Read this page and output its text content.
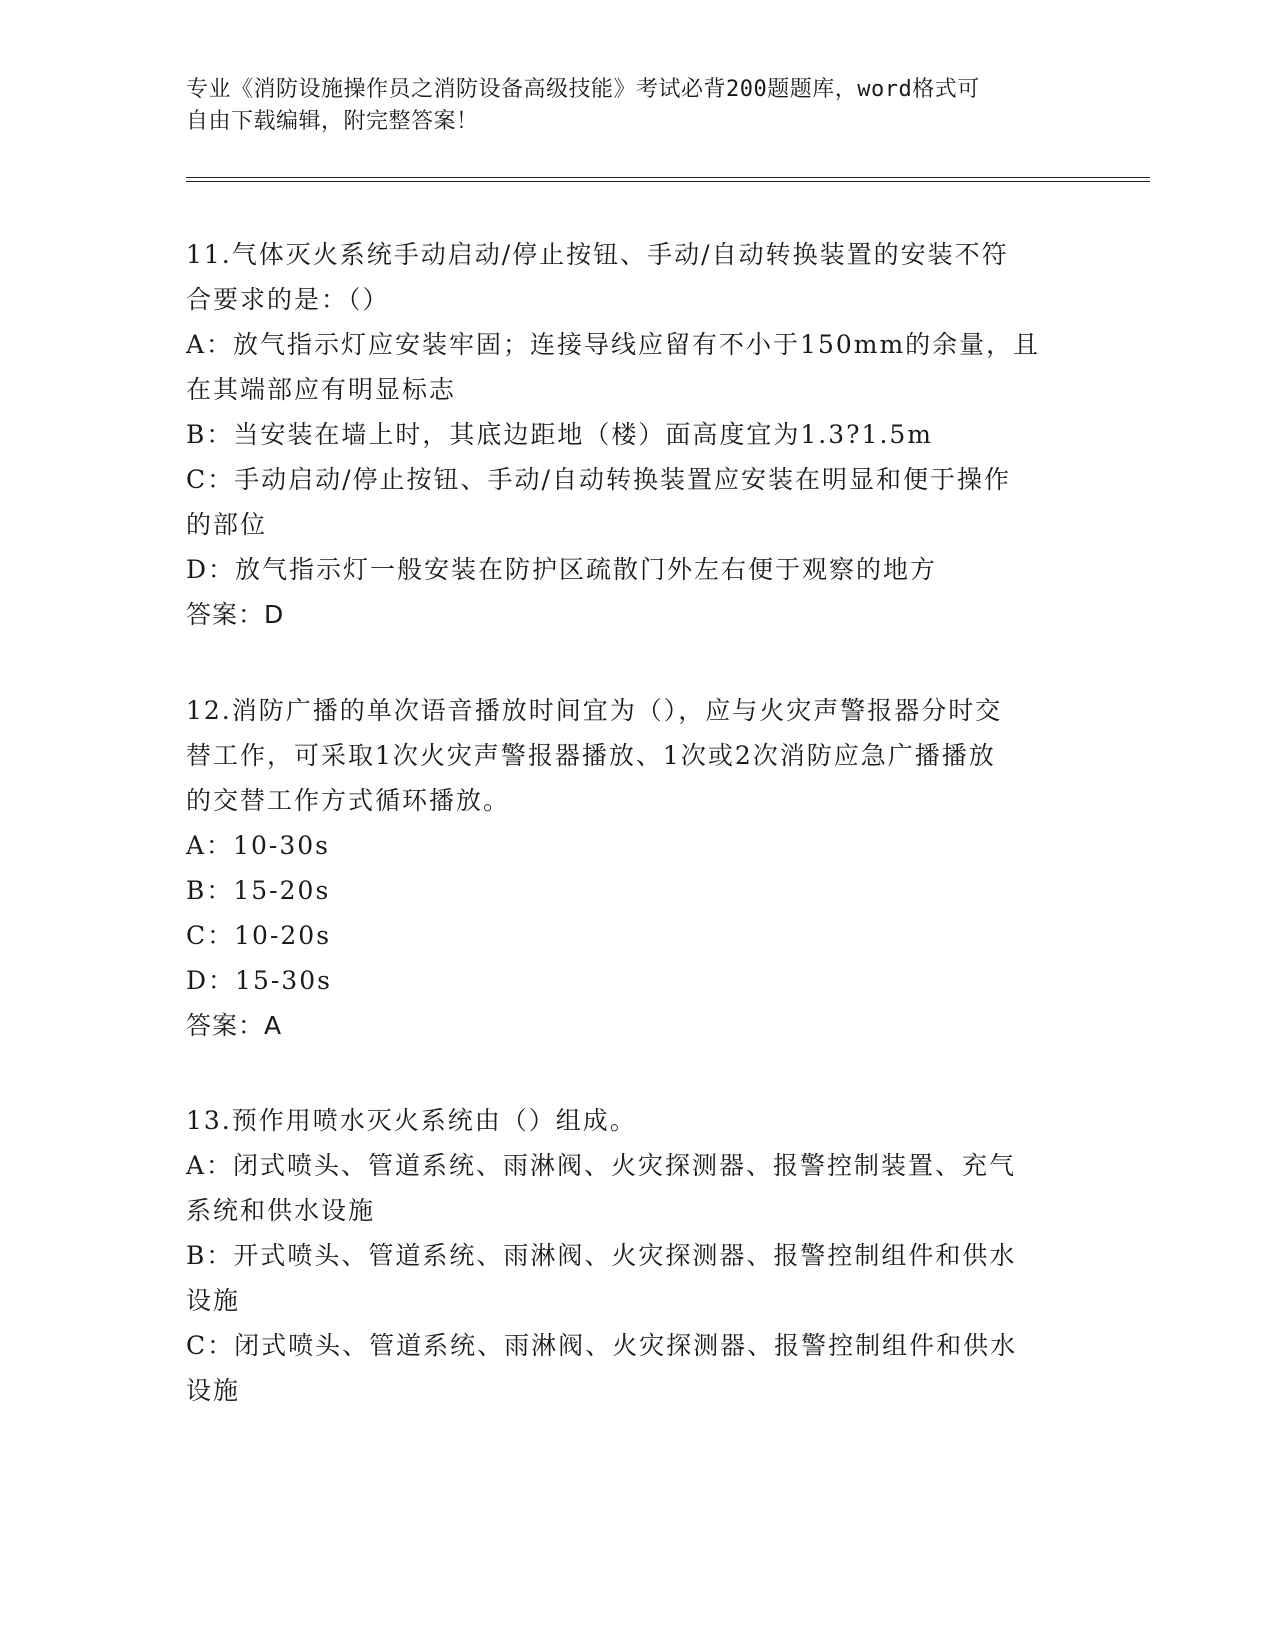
专业《消防设施操作员之消防设备高级技能》考试必背200题题库，word格式可

自由下载编辑，附完整答案！

11.气体灭火系统手动启动/停止按钮、手动/自动转换装置的安装不符

合要求的是：（）

A：放气指示灯应安装牢固；连接导线应留有不小于150mm的余量，且

在其端部应有明显标志

B：当安装在墙上时，其底边距地（楼）面高度宜为1.3?1.5m

C：手动启动/停止按钮、手动/自动转换装置应安装在明显和便于操作

的部位

D：放气指示灯一般安装在防护区疏散门外左右便于观察的地方

答案：D

12.消防广播的单次语音播放时间宜为（），应与火灾声警报器分时交

替工作，可采取1次火灾声警报器播放、1次或2次消防应急广播播放

的交替工作方式循环播放。

A：10-30s

B：15-20s

C：10-20s

D：15-30s

答案：A

13.预作用喷水灭火系统由（）组成。

A：闭式喷头、管道系统、雨淋阀、火灾探测器、报警控制装置、充气

系统和供水设施

B：开式喷头、管道系统、雨淋阀、火灾探测器、报警控制组件和供水

设施

C：闭式喷头、管道系统、雨淋阀、火灾探测器、报警控制组件和供水

设施
